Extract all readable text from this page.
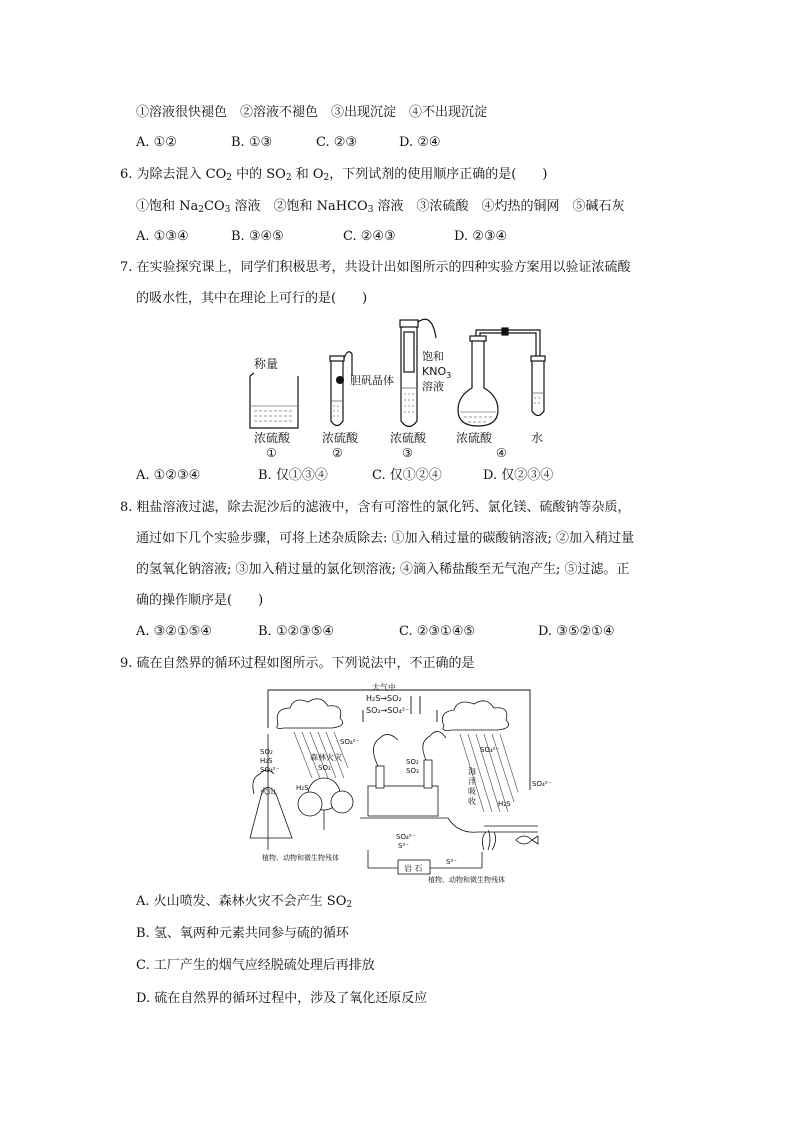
①溶液很快褪色　②溶液不褪色　③出现沉淀　④不出现沉淀
A. ①②	B. ①③	C. ②③	D. ②④
6. 为除去混入 $CO_2$ 中的 $SO_2$ 和 $O_2$，下列试剂的使用顺序正确的是(　　)
①饱和 $Na_2CO_3$ 溶液　②饱和 NaHCO$_3$ 溶液　③浓硫酸　④灼热的铜网　⑤碱石灰
A. ①③④	B. ③④⑤	C. ②④③	D. ②③④
7. 在实验探究课上，同学们积极思考，共设计出如图所示的四种实验方案用以验证浓硫酸
的吸水性，其中在理论上可行的是(　　)
称量
浓硫酸
①
胆矾晶体
浓硫酸
②
饱和
$KNO_3$
溶液
浓硫酸
③
浓硫酸	水
④
A. ①②③④	B. 仅①③④	C. 仅①②④	D. 仅②③④
8. 粗盐溶液过滤，除去泥沙后的滤液中，含有可溶性的氯化钙、氯化镁、硫酸钠等杂质，
通过如下几个实验步骤，可将上述杂质除去: ①加入稍过量的碳酸钠溶液; ②加入稍过量
的氢氧化钠溶液; ③加入稍过量的氯化钡溶液; ④滴入稀盐酸至无气泡产生; ⑤过滤。正
确的操作顺序是(　　)
A. ③②①⑤④	B. ①②③⑤④	C. ②③①④⑤	D. ③⑤②①④
9. 硫在自然界的循环过程如图所示。下列说法中，不正确的是
大气中
H₂S→SO₂
SO₂→SO₄²⁻
SO₂
H₂S
SO₄²⁻
火山
森林火灾
SO₂
SO₄²⁻
H₂S
SO₂
SO₃
SO₄²⁻
SO₄²⁻
海
洋
吸
收	H₂S
SO₄²⁻
S²⁻
岩 石
S²⁻
植物、动物和微生物残体
植物、动物和微生物残体
A. 火山喷发、森林火灾不会产生 $SO_2$
B. 氢、氧两种元素共同参与硫的循环
C. 工厂产生的烟气应经脱硫处理后再排放
D. 硫在自然界的循环过程中，涉及了氧化还原反应
